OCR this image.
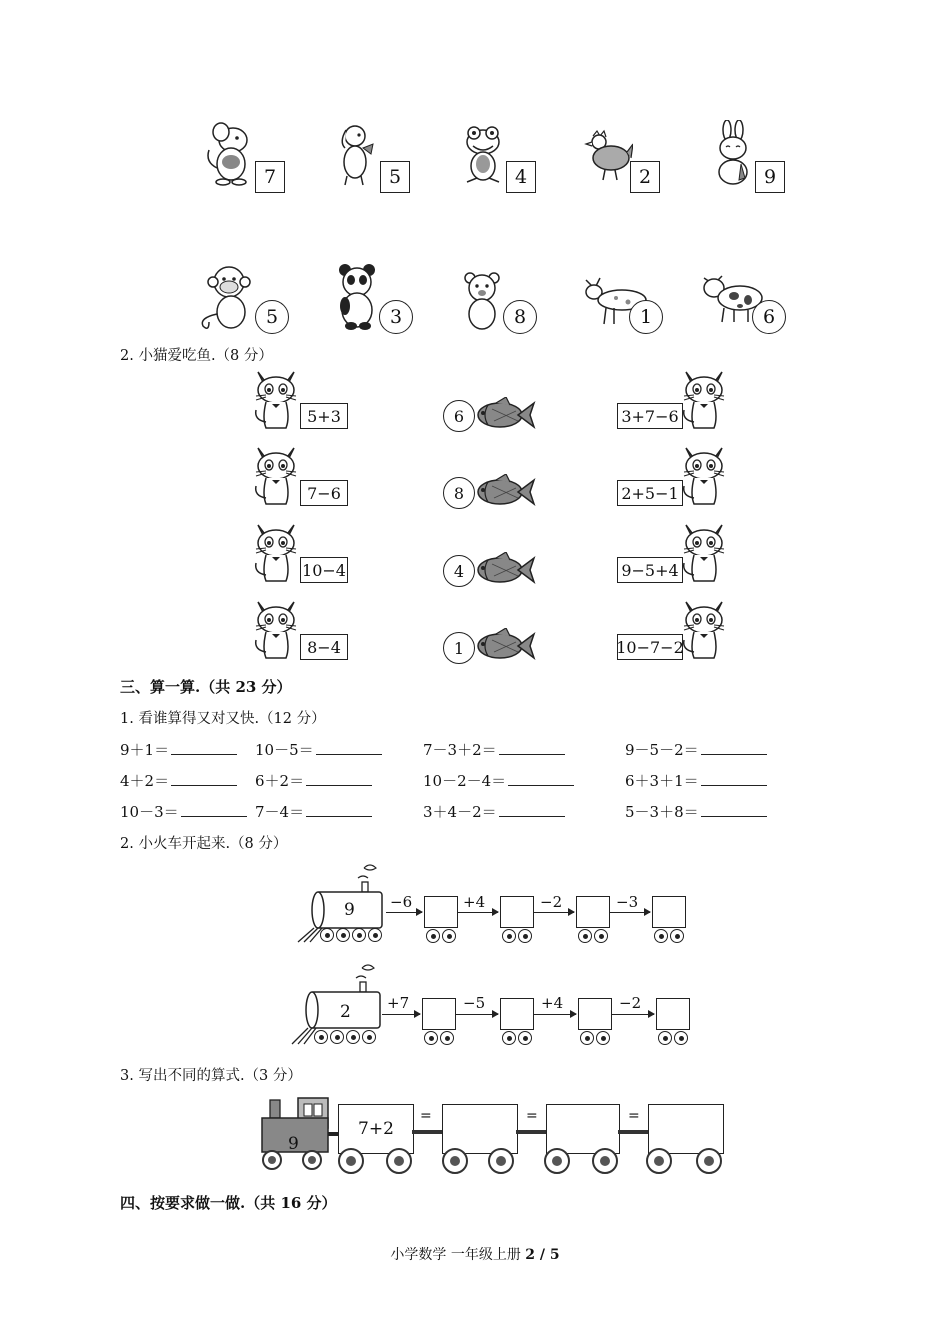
7	5	4	2	9
5	3	8	1	6
2. 小猫爱吃鱼.（8 分）
5+3	6	3+7−6
7−6	8	2+5−1
10−4	4	9−5+4
8−4	1	10−7−2
三、算一算.（共 23 分）
1. 看谁算得又对又快.（12 分）
9＋1＝	10－5＝	7－3＋2＝	9－5－2＝
4＋2＝	6＋2＝	10－2－4＝	6＋3＋1＝
10－3＝	7－4＝	3＋4－2＝	5－3＋8＝
2. 小火车开起来.（8 分）
9 −6	+4	−2	−3
2 +7	−5	+4	−2
3. 写出不同的算式.（3 分）
9
7+2
=	=	=
四、按要求做一做.（共 16 分）
小学数学 一年级上册 2 / 5
